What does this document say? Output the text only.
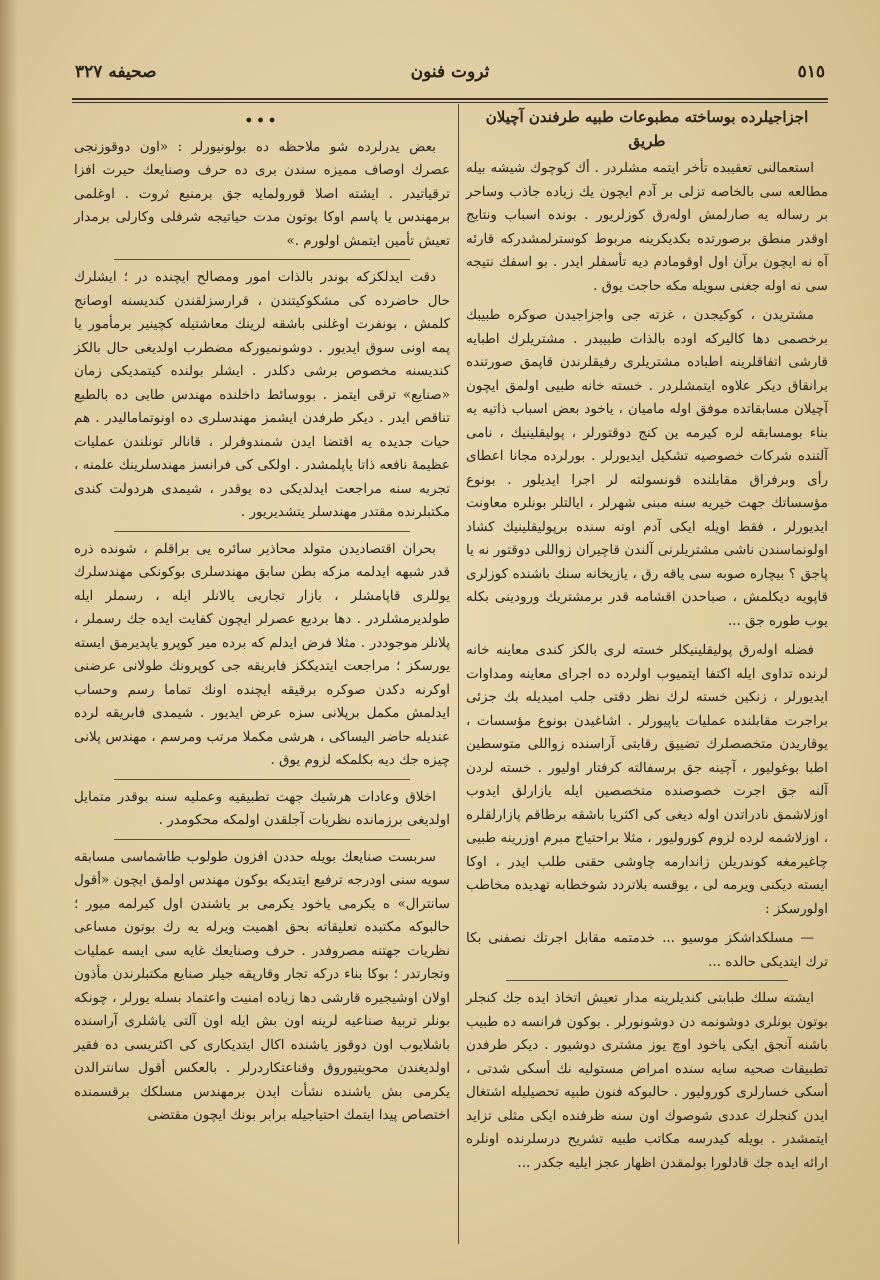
٥١٥
ثروت فنون
صحيفه ٣٢٧

اجزاجيلرده بوساخته مطبوعات طبيه طرفندن آچيلان طريق

استعمالنى تعقيبده تأخر ايتمه مشلردر . أك كوچوك شيشه بيله مطالعه سى بالخاصه تزلى بر آدم ايچون يك زياده جاذب وساحر بر رساله يه صارلمش اولەرق كوزلريور . بونده اسباب ونتايج اوقدر منطق برصورتده بكديكرينه مربوط كوسترلمشدركه قارئه آه نه ايچون برآن اول اوقومادم ديه تأسفلر ايدر . بو اسفك نتيجه سى نه اوله جغنى سويله مكه حاجت يوق .

مشتريدن ، كوكيجدن ، غزته جى واجزاجيدن صوكره طبيبك برخصمى دها كاليركه اوده بالذات طبيبدر . مشتريلرك اطبايه قارشى اتفاقلرينه اطباده مشتريلرى رفيقلرندن قاپمق صورتنده برانقاق ديكر علاوه ايتمشلردر . خسته خانه طبيى اولمق ايچون آچيلان مسابقاتده موفق اوله ماميان ، ياخود بعض اسباب ذاتيه يه بناء بومسابقه لره كيرمه ين كنج دوقتورلر ، پوليقلينيك ، نامى آلتنده شركات خصوصيه تشكيل ايديورلر . بورلرده مجانا اعطاى رأى وبرفراق مقابلنده قونسولته لر اجرا ايديلور . بونوع مؤسساتك جهت خيريه سنه مبنى شهرلر ، ايالتلر بونلره معاونت ايديورلر ، فقط اويله ايكى آدم اوته سنده برپوليقلينيك كشاد اولونماسندن ناشى مشتريلرنى آلندن قاچيران زواللى دوقتور نه يا پاجق ؟ بيچاره صوبه سى ياقه رق ، يازيخانه سنك باشنده كوزلرى قاپويه ديكلمش ، صباحدن اقشامه قدر برمشتريك ورودينى بكله يوب طوره جق ...

فضله اولەرق پوليقلينيكلر خسته لرى بالكز كندى معاينه خانه لرنده تداوى ايله اكتفا ايتميوب اولرده ده اجراى معاينه ومداوات ايديورلر ، زنكين خسته لرك نظر دقتى جلب اميديله بك جزئى براجرت مقابلنده عمليات ياپيورلر . اشاغيدن بونوع مؤسسات ، يوقاريدن متخصصلرك تضييق رقابتى آراسنده زواللى متوسطين اطبا بوغوليور ، آچينه جق برسفالته كرفتار اوليور . خسته لردن آلنه جق اجرت خصوصنده متخصصين ايله يازارلق ايدوب اوزلاشمق نادراتدن اوله ديغى كى اكثريا باشقه برطاقم پازارلقلره ، اوزلاشمه لرده لزوم كوروليور ، مثلا براحتياج مبرم اوزرينه طبيى چاغيرمغه كوندريلن زاندارمه چاوشى حقنى طلب ايدر ، اوكا ايسته ديكنى ويرمه لى ، يوقسه بلاتردد شوخطابه تهديده مخاطب اولورسكز :

— مسلكداشكز موسيو ... خدمتمه مقابل اجرتك نصفنى بكا ترك ايتديكى حالده ...

ايشته سلك طبابتى كنديلرينه مدار تعيش اتخاذ ايده جك كنجلر بوتون بونلرى دوشونمه دن دوشونورلر . بوكون فرانسه ده طبيب باشنه آنجق ايكى ياخود اوچ يوز مشترى دوشيور . ديكر طرفدن تطبيقات صحيه سايه سنده امراض مستوليه نك أسكى شدتى ، أسكى خسارلرى كوروليور . حالبوكه فنون طبيه تحصيليله اشتغال ايدن كنجلرك عددى شوصوك اون سنه ظرفنده ايكى مثلى تزايد ايتمشدر . بويله كيدرسه مكاتب طبيه تشريح درسلرنده اونلره ارائه ايده جك قادلورا بولمقدن اظهار عجز ايليه جكدر ...

•••

بعض يدرلرده شو ملاحظه ده بولونيورلر : «اون دوقوزنجى عصرك اوصاف مميزه سندن برى ده حرف وصنايعك حيرت افزا ترقياتيدر . ايشته اصلا قورولمايه جق برمنبع ثروت . اوغلمى برمهندس يا پاسم اوكا بوتون مدت حياتيجه شرفلى وكارلى برمدار تعيش تأمين ايتمش اولورم .»

دقت ايدلكزكه بوندر بالذات امور ومصالح ايچنده در ؛ ايشلرك حال حاضرده كى مشكوكيتندن ، قرارسزلقندن كنديسنه اوصانج كلمش ، بونفرت اوغلنى باشقه لرينك معاشتيله كچينير برمأمور يا پمه اونى سوق ايديور . دوشونميوركه مضطرب اولديغى حال بالكز كنديسنه مخصوص برشى دكلدر . ايشلر بولنده كيتمديكى زمان «صنايع» ترقى ايتمز . بووسائط داخلنده مهندس طابى ده بالطبع تناقص ايدر . ديكر طرفدن ايشمز مهندسلرى ده اونوتماماليدر . هم حيات جديده يه اقتضا ايدن شمندوفرلر ، قانالر تونلندن عمليات عظيمهٔ نافعه ذاتا ياپلمشدر . اولكى كى فرانسز مهندسلرينك علمنه ، تجربه سنه مراجعت ايدلديكى ده يوقدر ، شيمدى هردولت كندى مكتبلرنده مقتدر مهندسلر يتشديريور .

بحران اقتصاديدن متولد محاذير سائره يى براقلم ، شونده ذره قدر شبهه ايدلمه مزكه بطن سابق مهندسلرى بوكونكى مهندسلرك يوللرى قاپامشلر ، بازار تجاريى يالانلر ايله ، رسملر ايله طولديرمشلردر . دها برديع عصرلر ايچون كفايت ايده جك رسملر ، پلانلر موجوددر . مثلا فرض ايدلم كه برده مير كوپرو ياپديرمق ايسته يورسكز ؛ مراجعت ايتديككز فابريقه جى كوپرونك طولانى عرضنى اوكرنه دكدن صوكره برقيقه ايچنده اونك تماما رسم وحساب ايدلمش مكمل برپلانى سزه عرض ايديور . شيمدى فابريقه لرده عنديله حاضر اليساكى ، هرشى مكملا مرتب ومرسم ، مهندس پلانى چيزه جك ديه بكلمكه لزوم يوق .

اخلاق وعادات هرشيك جهت تطبيقيه وعمليه سنه بوقدر متمايل اولديغى برزمانده نظريات آجلقدن اولمكه محكومدر .

سربست صنايعك بويله حددن افزون طولوب طاشماسى مسابقه سويه سنى اودرجه ترفيع ايتديكه بوكون مهندس اولمق ايچون «أقول سانترال» ه يكرمى ياخود يكرمى بر ياشندن اول كيرلمه ميور ؛ حالبوكه مكتبده تعليقاته بحق اهميت ويرله يه رك بوتون مساعى نظريات جهتنه مصروفدر . حرف وصنايعك غايه سى ايسه عمليات وتجارتدر ؛ بوكا بناء دركه تجار وقارپقه جيلر صنايع مكتبلرندن مأذون اولان اوشيجيره قارشى دها زياده امنيت واعتماد بسله يورلر ، چونكه بونلر تربيهٔ صناعيه لرينه اون بش ايله اون آلتى ياشلرى آراسنده باشلايوب اون دوقوز ياشنده اكال ايتديكارى كى اكثريسى ده فقير اولديغندن محويتيوروق وقناعتكاردرلر . بالعكس أقول سانترالدن يكرمى بش ياشنده نشأت ايدن برمهندس مسلكك برقسمنده اختصاص پيدا ايتمك احتياجيله برابر بونك ايچون مقتضى
